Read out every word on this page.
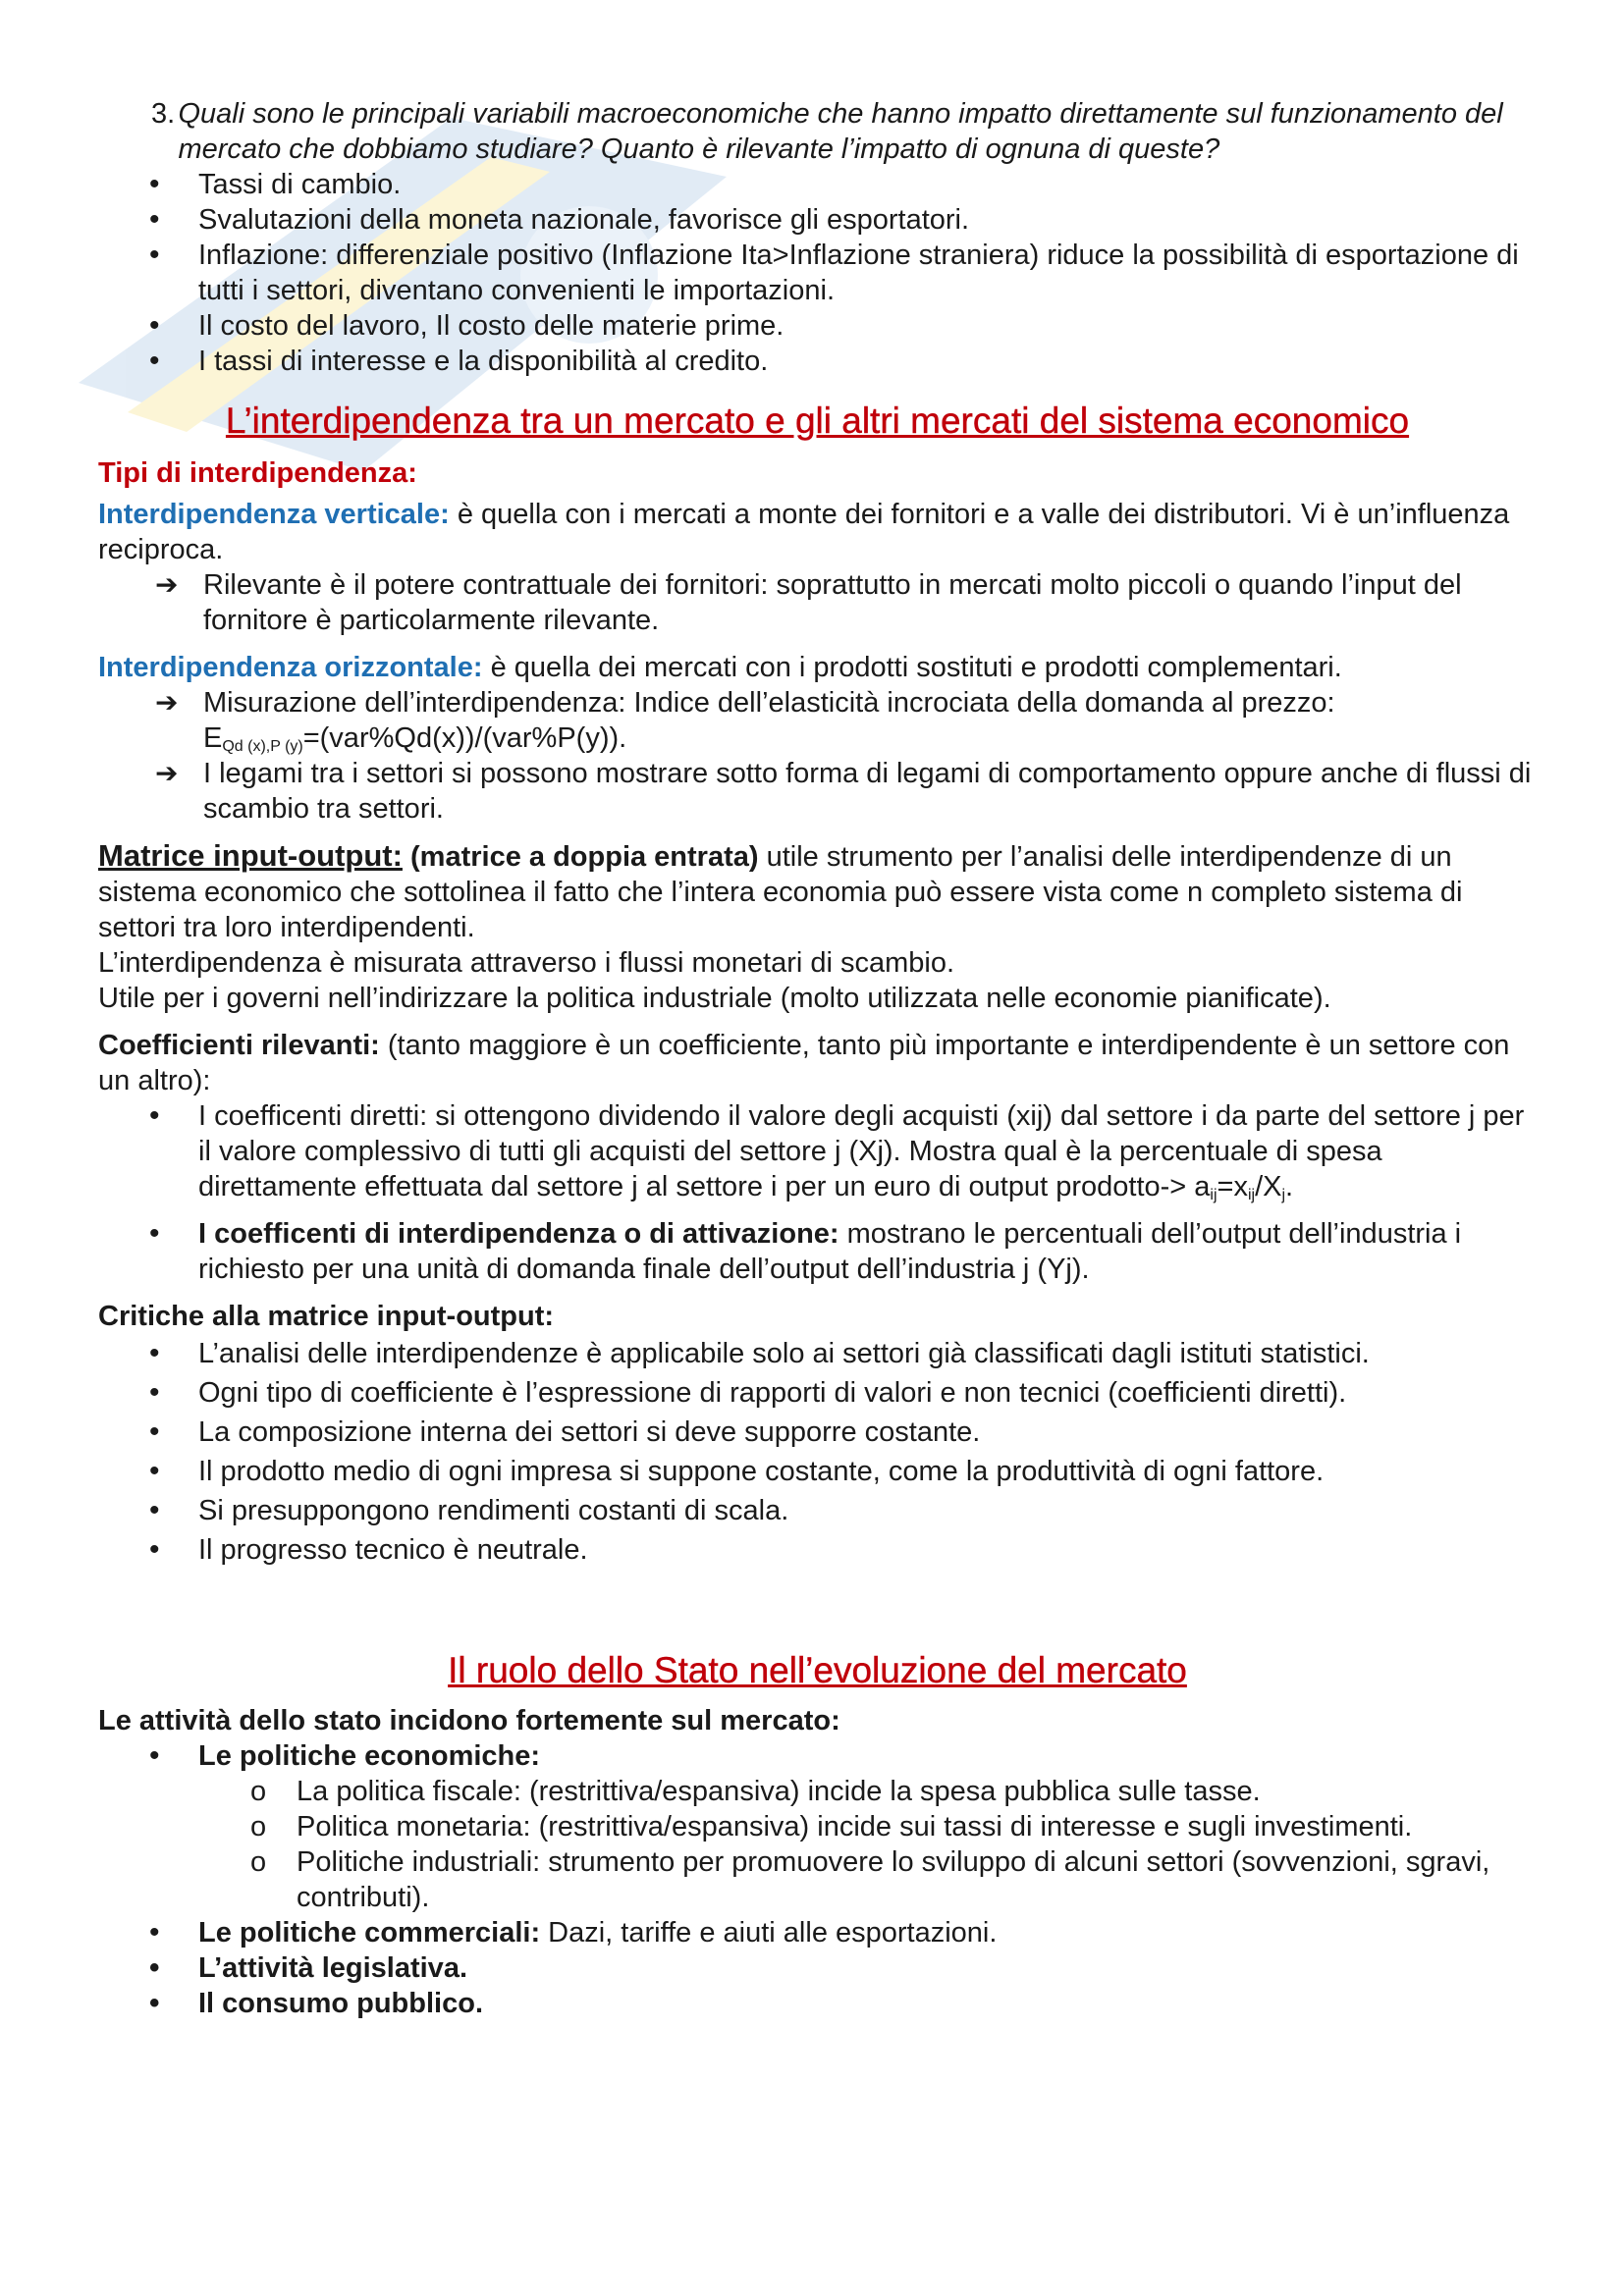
3. Quali sono le principali variabili macroeconomiche che hanno impatto direttamente sul funzionamento del mercato che dobbiamo studiare? Quanto è rilevante l’impatto di ognuna di queste?
• Tassi di cambio.
• Svalutazioni della moneta nazionale, favorisce gli esportatori.
• Inflazione: differenziale positivo (Inflazione Ita>Inflazione straniera) riduce la possibilità di esportazione di tutti i settori, diventano convenienti le importazioni.
• Il costo del lavoro, Il costo delle materie prime.
• I tassi di interesse e la disponibilità al credito.
L’interdipendenza tra un mercato e gli altri mercati del sistema economico

Tipi di interdipendenza:

Interdipendenza verticale: è quella con i mercati a monte dei fornitori e a valle dei distributori. Vi è un’influenza reciproca.

➔ Rilevante è il potere contrattuale dei fornitori: soprattutto in mercati molto piccoli o quando l’input del fornitore è particolarmente rilevante.

Interdipendenza orizzontale: è quella dei mercati con i prodotti sostituti e prodotti complementari.

➔ Misurazione dell’interdipendenza: Indice dell’elasticità incrociata della domanda al prezzo:
$E_{Qd (x),P (y)}=(var\%Qd(x))/(var\%P(y))$.
➔ I legami tra i settori si possono mostrare sotto forma di legami di comportamento oppure anche di flussi di scambio tra settori.

Matrice input-output: (matrice a doppia entrata) utile strumento per l’analisi delle interdipendenze di un sistema economico che sottolinea il fatto che l’intera economia può essere vista come n completo sistema di settori tra loro interdipendenti.

L’interdipendenza è misurata attraverso i flussi monetari di scambio.

Utile per i governi nell’indirizzare la politica industriale (molto utilizzata nelle economie pianificate).

Coefficienti rilevanti: (tanto maggiore è un coefficiente, tanto più importante e interdipendente è un settore con un altro):

• I coefficenti diretti: si ottengono dividendo il valore degli acquisti (xij) dal settore i da parte del settore j per il valore complessivo di tutti gli acquisti del settore j (Xj). Mostra qual è la percentuale di spesa direttamente effettuata dal settore j al settore i per un euro di output prodotto-> $a_{ij}=x_{ij}/X_j$.
• I coefficenti di interdipendenza o di attivazione: mostrano le percentuali dell’output dell’industria i richiesto per una unità di domanda finale dell’output dell’industria j (Yj).

Critiche alla matrice input-output:

• L’analisi delle interdipendenze è applicabile solo ai settori già classificati dagli istituti statistici.
• Ogni tipo di coefficiente è l’espressione di rapporti di valori e non tecnici (coefficienti diretti).
• La composizione interna dei settori si deve supporre costante.
• Il prodotto medio di ogni impresa si suppone costante, come la produttività di ogni fattore.
• Si presuppongono rendimenti costanti di scala.
• Il progresso tecnico è neutrale.
Il ruolo dello Stato nell’evoluzione del mercato

Le attività dello stato incidono fortemente sul mercato:

• Le politiche economiche:
o La politica fiscale: (restrittiva/espansiva) incide la spesa pubblica sulle tasse.
o Politica monetaria: (restrittiva/espansiva) incide sui tassi di interesse e sugli investimenti.
o Politiche industriali: strumento per promuovere lo sviluppo di alcuni settori (sovvenzioni, sgravi, contributi).
• Le politiche commerciali: Dazi, tariffe e aiuti alle esportazioni.
• L’attività legislativa.
• Il consumo pubblico.
